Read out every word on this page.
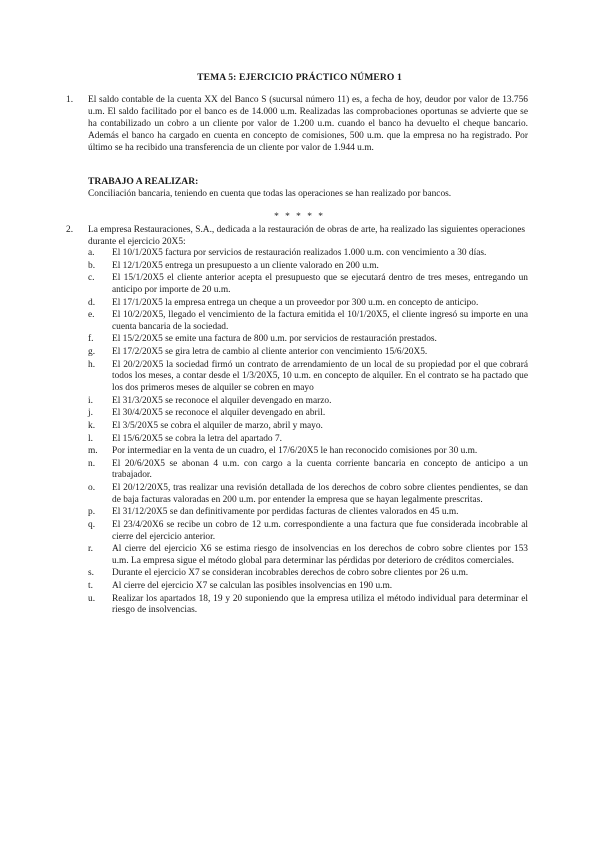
TEMA 5: EJERCICIO PRÁCTICO NÚMERO 1
1. El saldo contable de la cuenta XX del Banco S (sucursal número 11) es, a fecha de hoy, deudor por valor de 13.756 u.m. El saldo facilitado por el banco es de 14.000 u.m. Realizadas las comprobaciones oportunas se advierte que se ha contabilizado un cobro a un cliente por valor de 1.200 u.m. cuando el banco ha devuelto el cheque bancario. Además el banco ha cargado en cuenta en concepto de comisiones, 500 u.m. que la empresa no ha registrado. Por último se ha recibido una transferencia de un cliente por valor de 1.944 u.m.

TRABAJO A REALIZAR:
Conciliación bancaria, teniendo en cuenta que todas las operaciones se han realizado por bancos.
* * * * *
2. La empresa Restauraciones, S.A., dedicada a la restauración de obras de arte, ha realizado las siguientes operaciones durante el ejercicio 20X5:

a.	El 10/1/20X5 factura por servicios de restauración realizados 1.000 u.m. con vencimiento a 30 días.
b.	El 12/1/20X5 entrega un presupuesto a un cliente valorado en 200 u.m.
c.	El 15/1/20X5 el cliente anterior acepta el presupuesto que se ejecutará dentro de tres meses, entregando un anticipo por importe de 20 u.m.
d.	El 17/1/20X5 la empresa entrega un cheque a un proveedor por 300 u.m. en concepto de anticipo.
e.	El 10/2/20X5, llegado el vencimiento de la factura emitida el 10/1/20X5, el cliente ingresó su importe en una cuenta bancaria de la sociedad.
f.	El 15/2/20X5 se emite una factura de 800 u.m. por servicios de restauración prestados.
g.	El 17/2/20X5 se gira letra de cambio al cliente anterior con vencimiento 15/6/20X5.
h.	El 20/2/20X5 la sociedad firmó un contrato de arrendamiento de un local de su propiedad por el que cobrará todos los meses, a contar desde el 1/3/20X5, 10 u.m. en concepto de alquiler. En el contrato se ha pactado que los dos primeros meses de alquiler se cobren en mayo
i.	El 31/3/20X5 se reconoce el alquiler devengado en marzo.
j.	El 30/4/20X5 se reconoce el alquiler devengado en abril.
k.	El 3/5/20X5 se cobra el alquiler de marzo, abril y mayo.
l.	El 15/6/20X5 se cobra la letra del apartado 7.
m.	Por intermediar en la venta de un cuadro, el 17/6/20X5 le han reconocido comisiones por 30 u.m.
n.	El 20/6/20X5 se abonan 4 u.m. con cargo a la cuenta corriente bancaria en concepto de anticipo a un trabajador.
o.	El 20/12/20X5, tras realizar una revisión detallada de los derechos de cobro sobre clientes pendientes, se dan de baja facturas valoradas en 200 u.m. por entender la empresa que se hayan legalmente prescritas.
p.	El 31/12/20X5 se dan definitivamente por perdidas facturas de clientes valorados en 45 u.m.
q.	El 23/4/20X6 se recibe un cobro de 12 u.m. correspondiente a una factura que fue considerada incobrable al cierre del ejercicio anterior.
r.	Al cierre del ejercicio X6 se estima riesgo de insolvencias en los derechos de cobro sobre clientes por 153 u.m. La empresa sigue el método global para determinar las pérdidas por deterioro de créditos comerciales.
s.	Durante el ejercicio X7 se consideran incobrables derechos de cobro sobre clientes por 26 u.m.
t.	Al cierre del ejercicio X7 se calculan las posibles insolvencias en 190 u.m.
u.	Realizar los apartados 18, 19 y 20 suponiendo que la empresa utiliza el método individual para determinar el riesgo de insolvencias.
